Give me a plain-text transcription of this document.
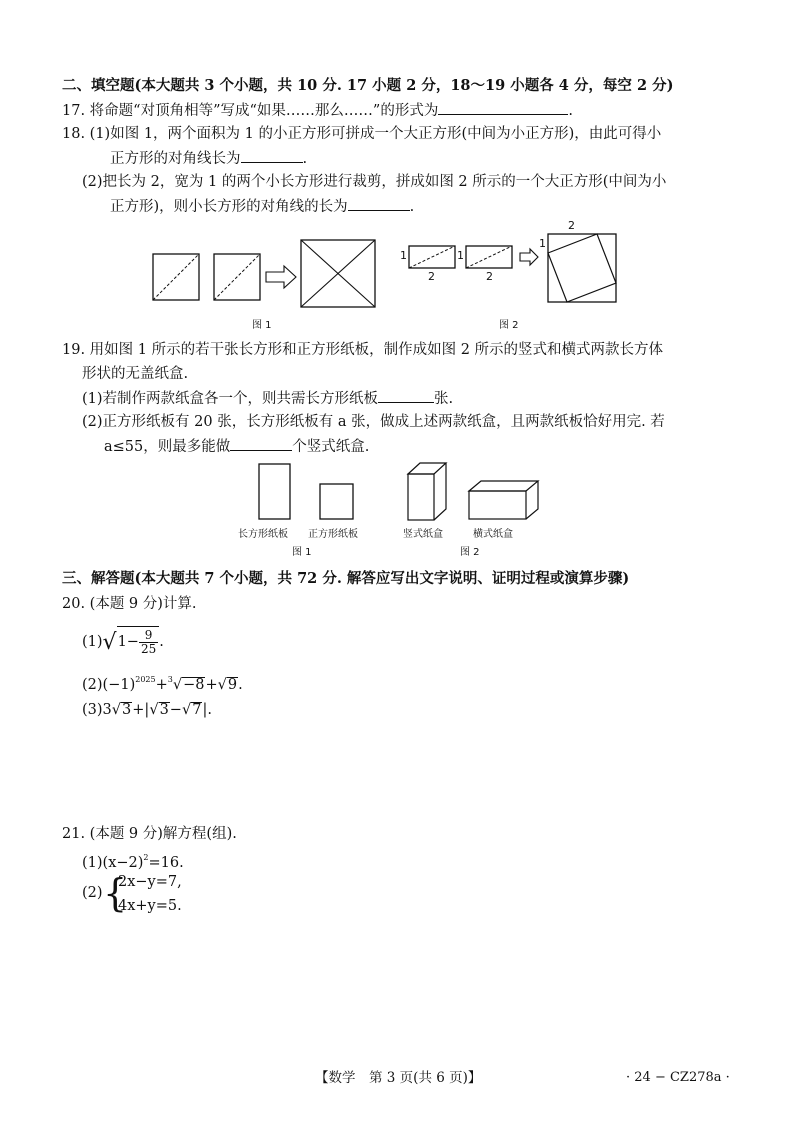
二、填空题(本大题共 3 个小题，共 10 分. 17 小题 2 分，18～19 小题各 4 分，每空 2 分)
17. 将命题“对顶角相等”写成“如果……那么……”的形式为	.
18. (1)如图 1，两个面积为 1 的小正方形可拼成一个大正方形(中间为小正方形)，由此可得小
正方形的对角线长为	.
(2)把长为 2，宽为 1 的两个小长方形进行裁剪，拼成如图 2 所示的一个大正方形(中间为小
正方形)，则小长方形的对角线的长为	.
1
2
1
2
2
1
图 1	图 2
19. 用如图 1 所示的若干张长方形和正方形纸板，制作成如图 2 所示的竖式和横式两款长方体
形状的无盖纸盒.
(1)若制作两款纸盒各一个，则共需长方形纸板	张.
(2)正方形纸板有 20 张，长方形纸板有 a 张，做成上述两款纸盒，且两款纸板恰好用完. 若
a≤55，则最多能做	个竖式纸盒.
长方形纸板 正方形纸板	竖式纸盒	横式纸盒
图 1	图 2
三、解答题(本大题共 7 个小题，共 72 分. 解答应写出文字说明、证明过程或演算步骤)
20. (本题 9 分)计算.
$(1)√1- \frac{9}{25}$ .
$(2)(-1)^{2025}+^3√-8+√9$.
(3)3√3+|√3−√7|.
21. (本题 9 分)解方程(组).
$(1)(x-2)^2=16$.
(2) {
2x−y=7,
4x+y=5.
【数学　第 3 页(共 6 页)】	· 24 − CZ278a ·
